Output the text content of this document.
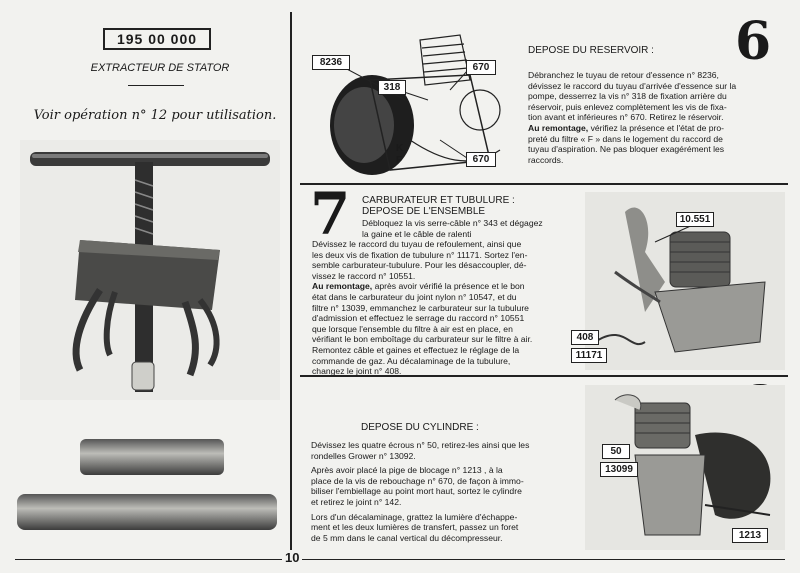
195 00 000
EXTRACTEUR DE STATOR
Voir opération n° 12 pour utilisation.
6
DEPOSE DU RESERVOIR :
Débranchez le tuyau de retour d'essence n° 8236,
dévissez le raccord du tuyau d'arrivée d'essence sur la
pompe, desserrez la vis n° 318 de fixation arrière du
réservoir, puis enlevez complètement les vis de fixa-
tion avant et inférieures n° 670. Retirez le réservoir.
Au remontage, vérifiez la présence et l'état de pro-
preté du filtre « F » dans le logement du raccord de
tuyau d'aspiration. Ne pas bloquer exagérément les
raccords.
8236
318
670
670
K
F
7 CARBURATEUR ET TUBULURE :
DEPOSE DE L'ENSEMBLE
Débloquez la vis serre-câble n° 343 et dégagez
la gaine et le câble de ralenti
Dévissez le raccord du tuyau de refoulement, ainsi que
les deux vis de fixation de tubulure n° 11171. Sortez l'en-
semble carburateur-tubulure. Pour les désaccoupler, dé-
vissez le raccord n° 10551.
Au remontage, après avoir vérifié la présence et le bon
état dans le carburateur du joint nylon n° 10547, et du
filtre n° 13039, emmanchez le carburateur sur la tubulure
d'admission et effectuez le serrage du raccord n° 10551
que lorsque l'ensemble du filtre à air est en place, en
vérifiant le bon emboîtage du carburateur sur le filtre à air.
Remontez câble et gaines et effectuez le réglage de la
commande de gaz. Au décalaminage de la tubulure,
changez le joint n° 408.
10.551
408
11171
DEPOSE DU CYLINDRE :
Dévissez les quatre écrous n° 50, retirez-les ainsi que les
rondelles Grower n° 13092.
Après avoir placé la pige de blocage n° 1213 , à la
place de la vis de rebouchage n° 670, de façon à immo-
biliser l'embiellage au point mort haut, sortez le cylindre
et retirez le joint n° 142.
Lors d'un décalaminage, grattez la lumière d'échappe-
ment et les deux lumières de transfert, passez un foret
de 5 mm dans le canal vertical du décompresseur.
50
13099
1213
10
